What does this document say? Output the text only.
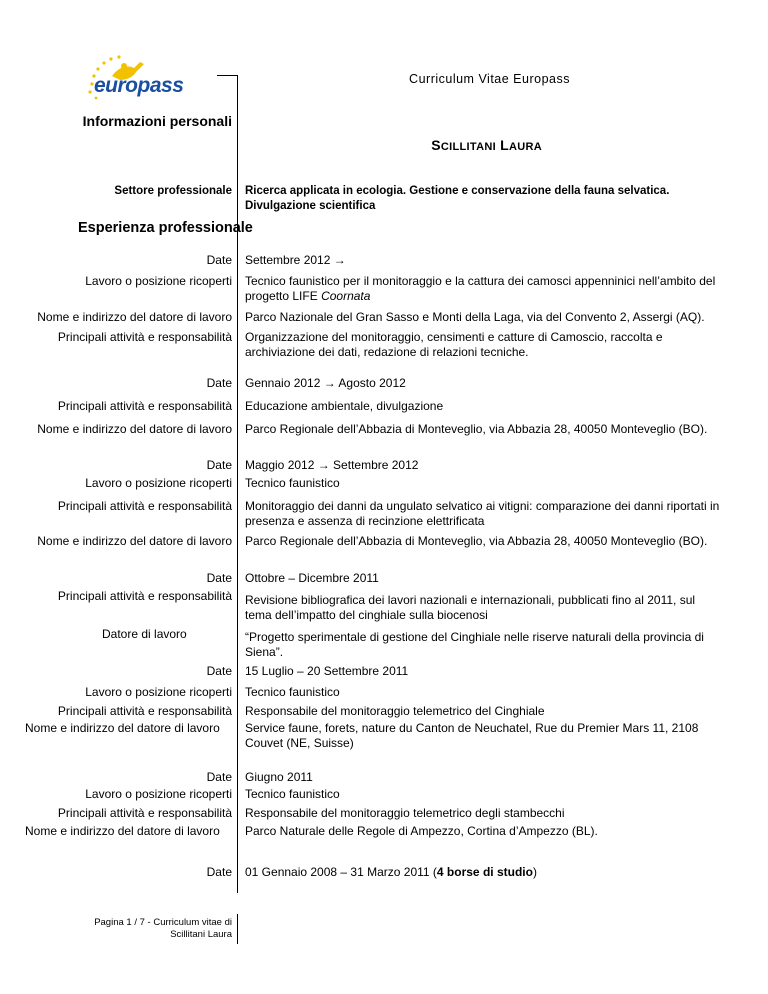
europass	Curriculum Vitae Europass
Informazioni personali
SCILLITANI LAURA
Settore professionale Ricerca applicata in ecologia. Gestione e conservazione della fauna selvatica. Divulgazione scientifica
Esperienza professionale
Date Settembre 2012 →
Lavoro o posizione ricoperti Tecnico faunistico per il monitoraggio e la cattura dei camosci appenninici nell’ambito del progetto LIFE Coornata
Nome e indirizzo del datore di lavoro Parco Nazionale del Gran Sasso e Monti della Laga, via del Convento 2, Assergi (AQ).
Principali attività e responsabilità Organizzazione del monitoraggio, censimenti e catture di Camoscio, raccolta e archiviazione dei dati, redazione di relazioni tecniche.
Date Gennaio 2012 → Agosto 2012
Principali attività e responsabilità Educazione ambientale, divulgazione
Nome e indirizzo del datore di lavoro Parco Regionale dell’Abbazia di Monteveglio, via Abbazia 28, 40050 Monteveglio (BO).
Date Maggio 2012 → Settembre 2012
Lavoro o posizione ricoperti Tecnico faunistico
Principali attività e responsabilità Monitoraggio dei danni da ungulato selvatico ai vitigni: comparazione dei danni riportati in presenza e assenza di recinzione elettrificata
Nome e indirizzo del datore di lavoro Parco Regionale dell’Abbazia di Monteveglio, via Abbazia 28, 40050 Monteveglio (BO).
Date Ottobre – Dicembre 2011
Principali attività e responsabilità Revisione bibliografica dei lavori nazionali e internazionali, pubblicati fino al 2011, sul tema dell’impatto del cinghiale sulla biocenosi
Datore di lavoro	“Progetto sperimentale di gestione del Cinghiale nelle riserve naturali della provincia di Siena”.
Date 15 Luglio – 20 Settembre 2011
Lavoro o posizione ricoperti Tecnico faunistico
Principali attività e responsabilità Responsabile del monitoraggio telemetrico del Cinghiale
Nome e indirizzo del datore di lavoro Service faune, forets, nature du Canton de Neuchatel, Rue du Premier Mars 11, 2108 Couvet (NE, Suisse)
Date Giugno 2011
Lavoro o posizione ricoperti Tecnico faunistico
Principali attività e responsabilità Responsabile del monitoraggio telemetrico degli stambecchi
Nome e indirizzo del datore di lavoro Parco Naturale delle Regole di Ampezzo, Cortina d’Ampezzo (BL).
Date 01 Gennaio 2008 – 31 Marzo 2011 (4 borse di studio)
Pagina 1 / 7 - Curriculum vitae di
Scillitani Laura
